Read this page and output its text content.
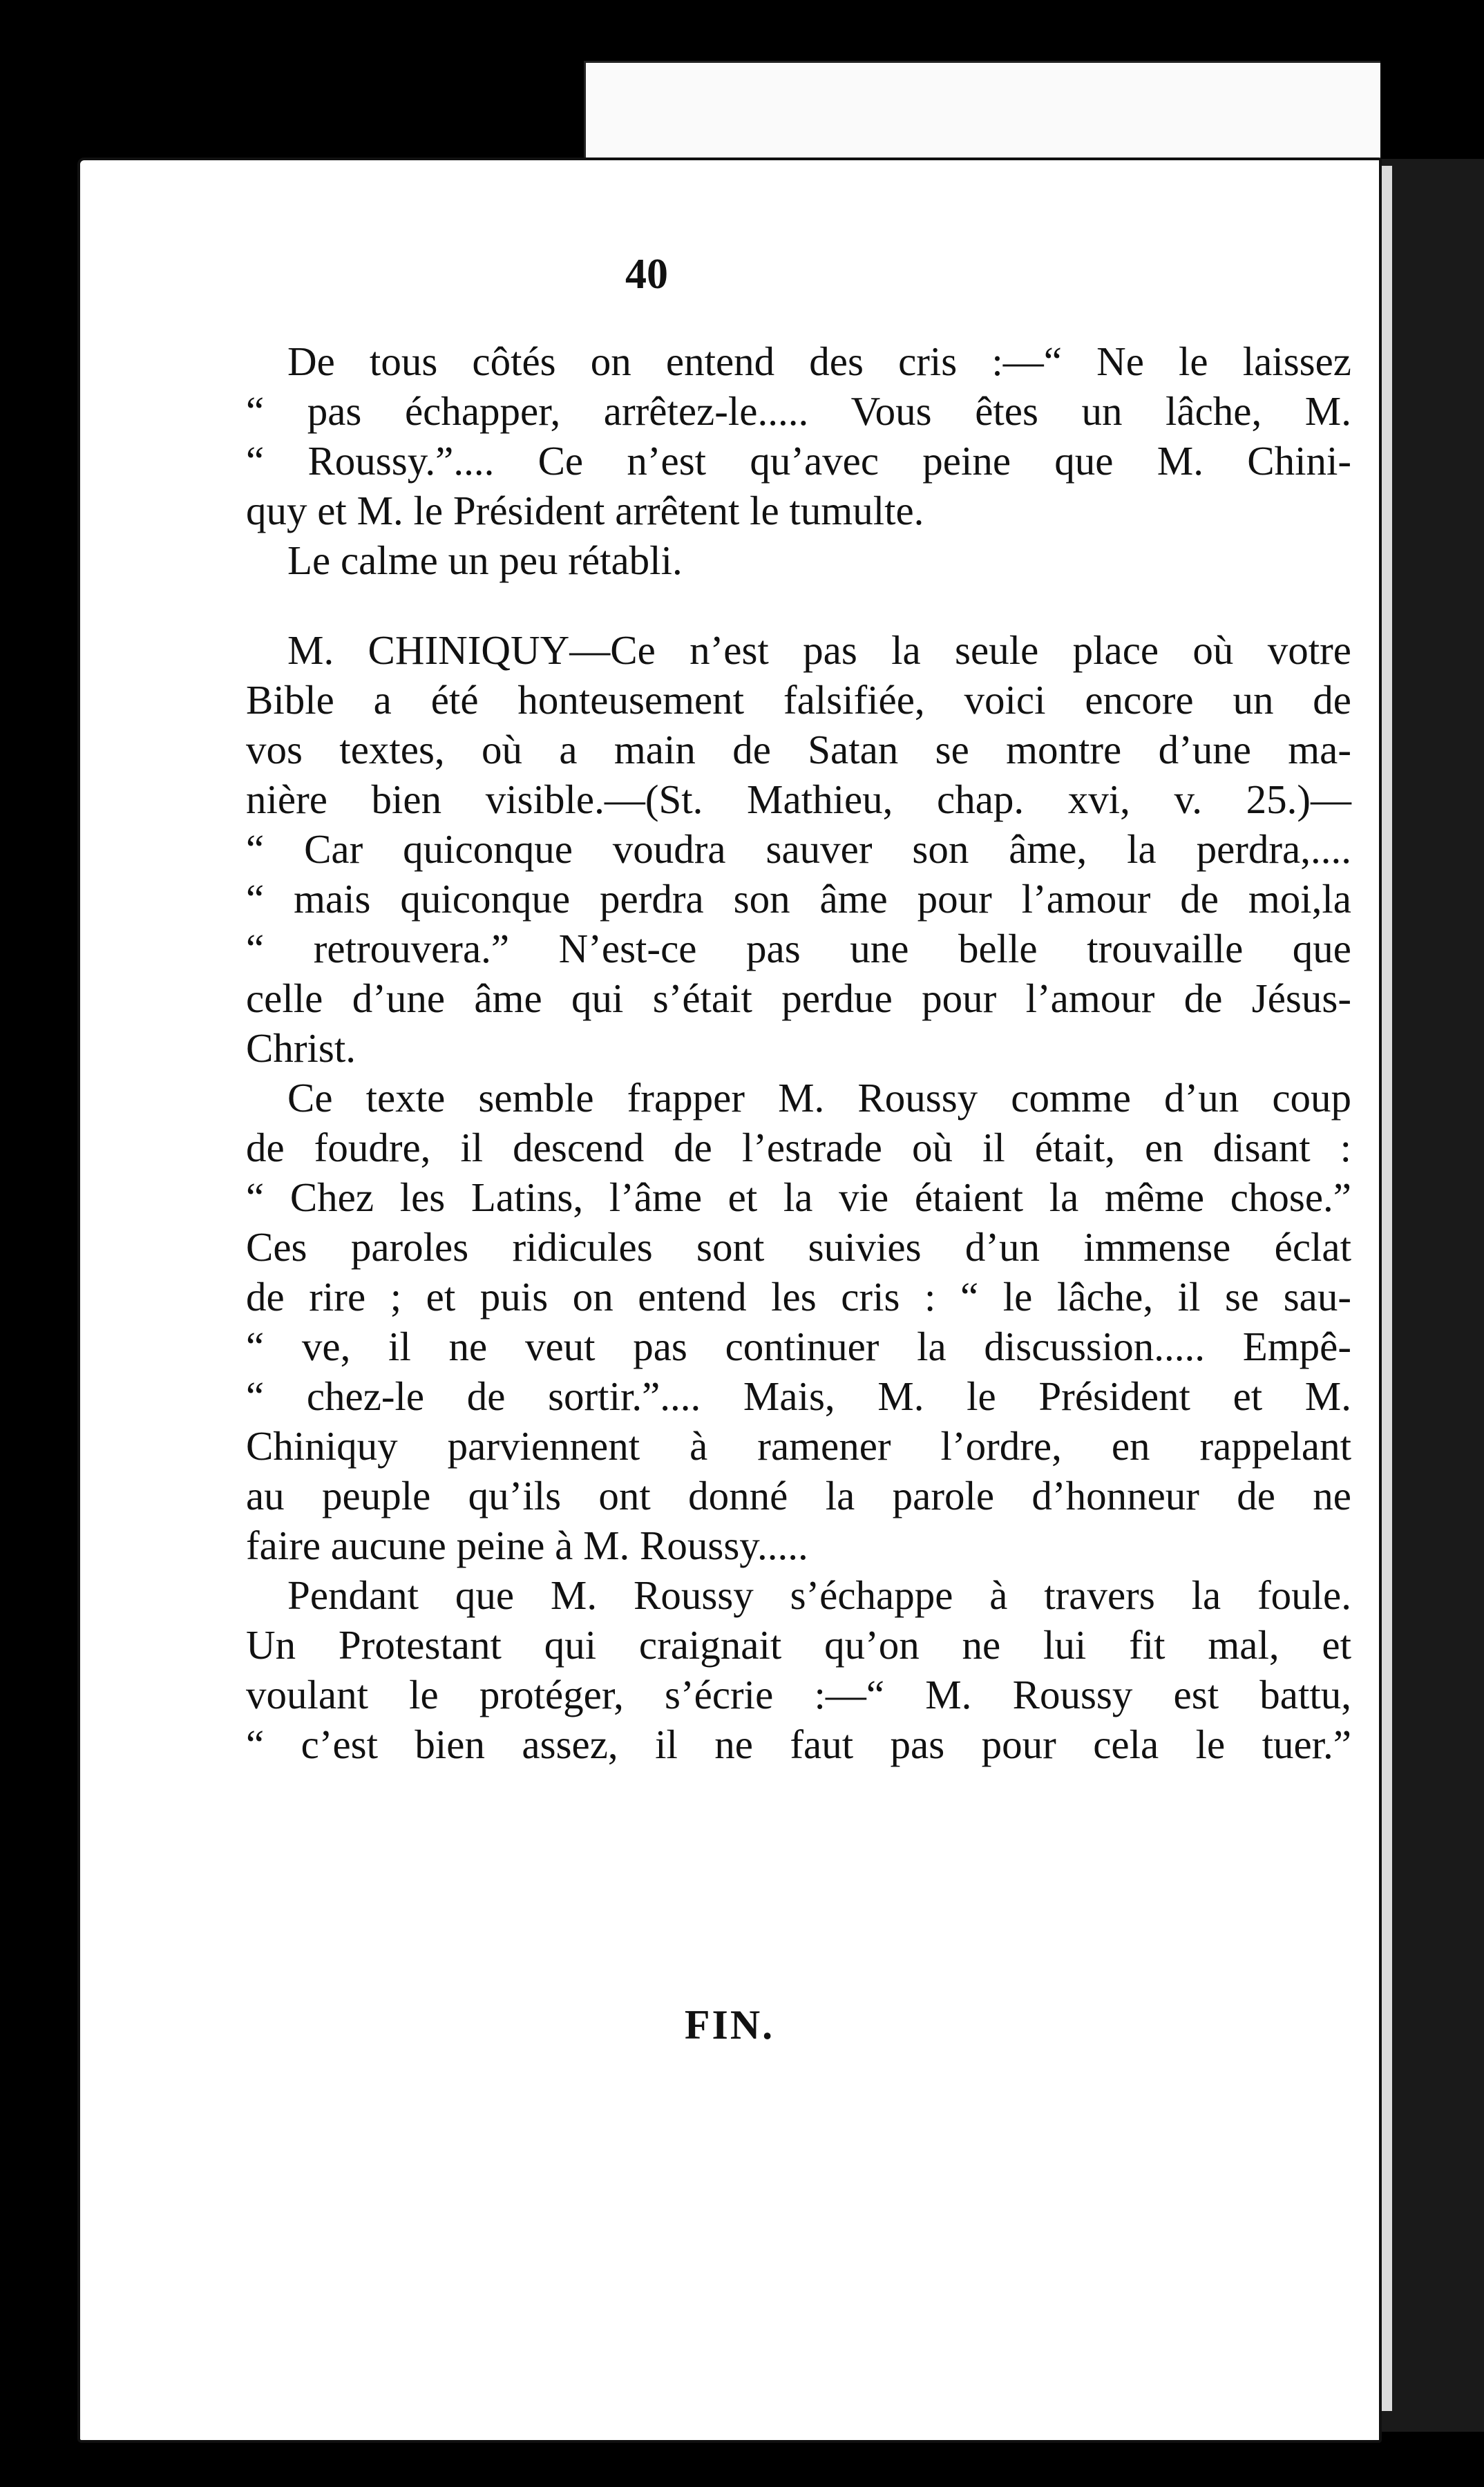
40
De tous côtés on entend des cris :—“ Ne le laissez
“ pas échapper, arrêtez-le..... Vous êtes un lâche, M.
“ Roussy.”.... Ce n’est qu’avec peine que M. Chini-
quy et M. le Président arrêtent le tumulte.
Le calme un peu rétabli.
M. CHINIQUY—Ce n’est pas la seule place où votre
Bible a été honteusement falsifiée, voici encore un de
vos textes, où a main de Satan se montre d’une ma-
nière bien visible.—(St. Mathieu, chap. xvi, v. 25.)—
“ Car quiconque voudra sauver son âme, la perdra,....
“ mais quiconque perdra son âme pour l’amour de moi,la
“ retrouvera.” N’est-ce pas une belle trouvaille que
celle d’une âme qui s’était perdue pour l’amour de Jésus-
Christ.
Ce texte semble frapper M. Roussy comme d’un coup
de foudre, il descend de l’estrade où il était, en disant :
“ Chez les Latins, l’âme et la vie étaient la même chose.”
Ces paroles ridicules sont suivies d’un immense éclat
de rire ; et puis on entend les cris : “ le lâche, il se sau-
“ ve, il ne veut pas continuer la discussion..... Empê-
“ chez-le de sortir.”.... Mais, M. le Président et M.
Chiniquy parviennent à ramener l’ordre, en rappelant
au peuple qu’ils ont donné la parole d’honneur de ne
faire aucune peine à M. Roussy.....
Pendant que M. Roussy s’échappe à travers la foule.
Un Protestant qui craignait qu’on ne lui fit mal, et
voulant le protéger, s’écrie :—“ M. Roussy est battu,
“ c’est bien assez, il ne faut pas pour cela le tuer.”
FIN.
